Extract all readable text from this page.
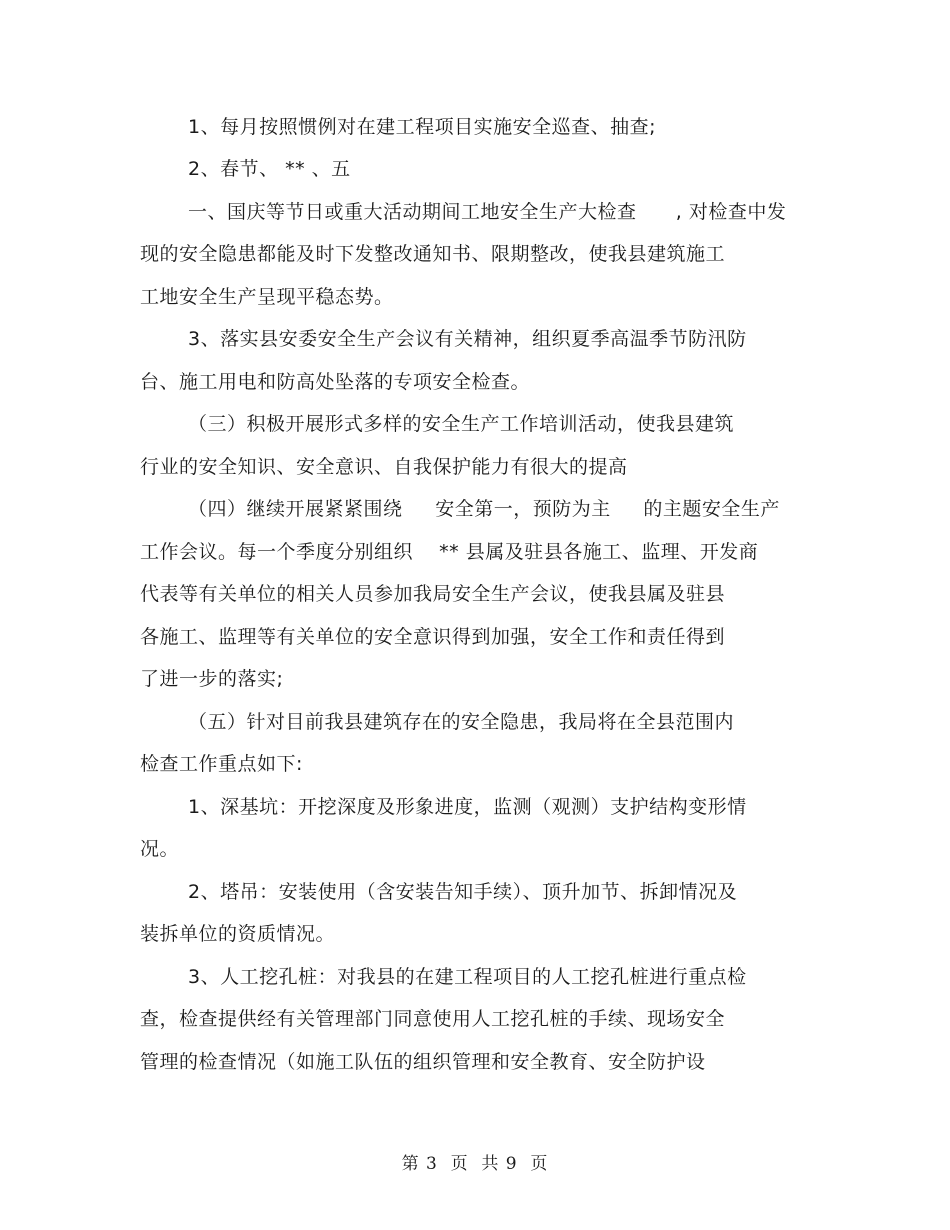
1、每月按照惯例对在建工程项目实施安全巡查、抽查;
2、春节、 ** 、五
一、国庆等节日或重大活动期间工地安全生产大检查      , 对检查中发
现的安全隐患都能及时下发整改通知书、限期整改，使我县建筑施工
工地安全生产呈现平稳态势。
3、落实县安委安全生产会议有关精神，组织夏季高温季节防汛防
台、施工用电和防高处坠落的专项安全检查。
（三）积极开展形式多样的安全生产工作培训活动，使我县建筑
行业的安全知识、安全意识、自我保护能力有很大的提高
（四）继续开展紧紧围绕     安全第一，预防为主     的主题安全生产
工作会议。每一个季度分别组织    ** 县属及驻县各施工、监理、开发商
代表等有关单位的相关人员参加我局安全生产会议，使我县属及驻县
各施工、监理等有关单位的安全意识得到加强，安全工作和责任得到
了进一步的落实;
（五）针对目前我县建筑存在的安全隐患，我局将在全县范围内
检查工作重点如下:
1、深基坑：开挖深度及形象进度，监测（观测）支护结构变形情
况。
2、塔吊：安装使用（含安装告知手续）、顶升加节、拆卸情况及
装拆单位的资质情况。
3、人工挖孔桩：对我县的在建工程项目的人工挖孔桩进行重点检
查，检查提供经有关管理部门同意使用人工挖孔桩的手续、现场安全
管理的检查情况（如施工队伍的组织管理和安全教育、安全防护设
第 3  页  共 9  页
